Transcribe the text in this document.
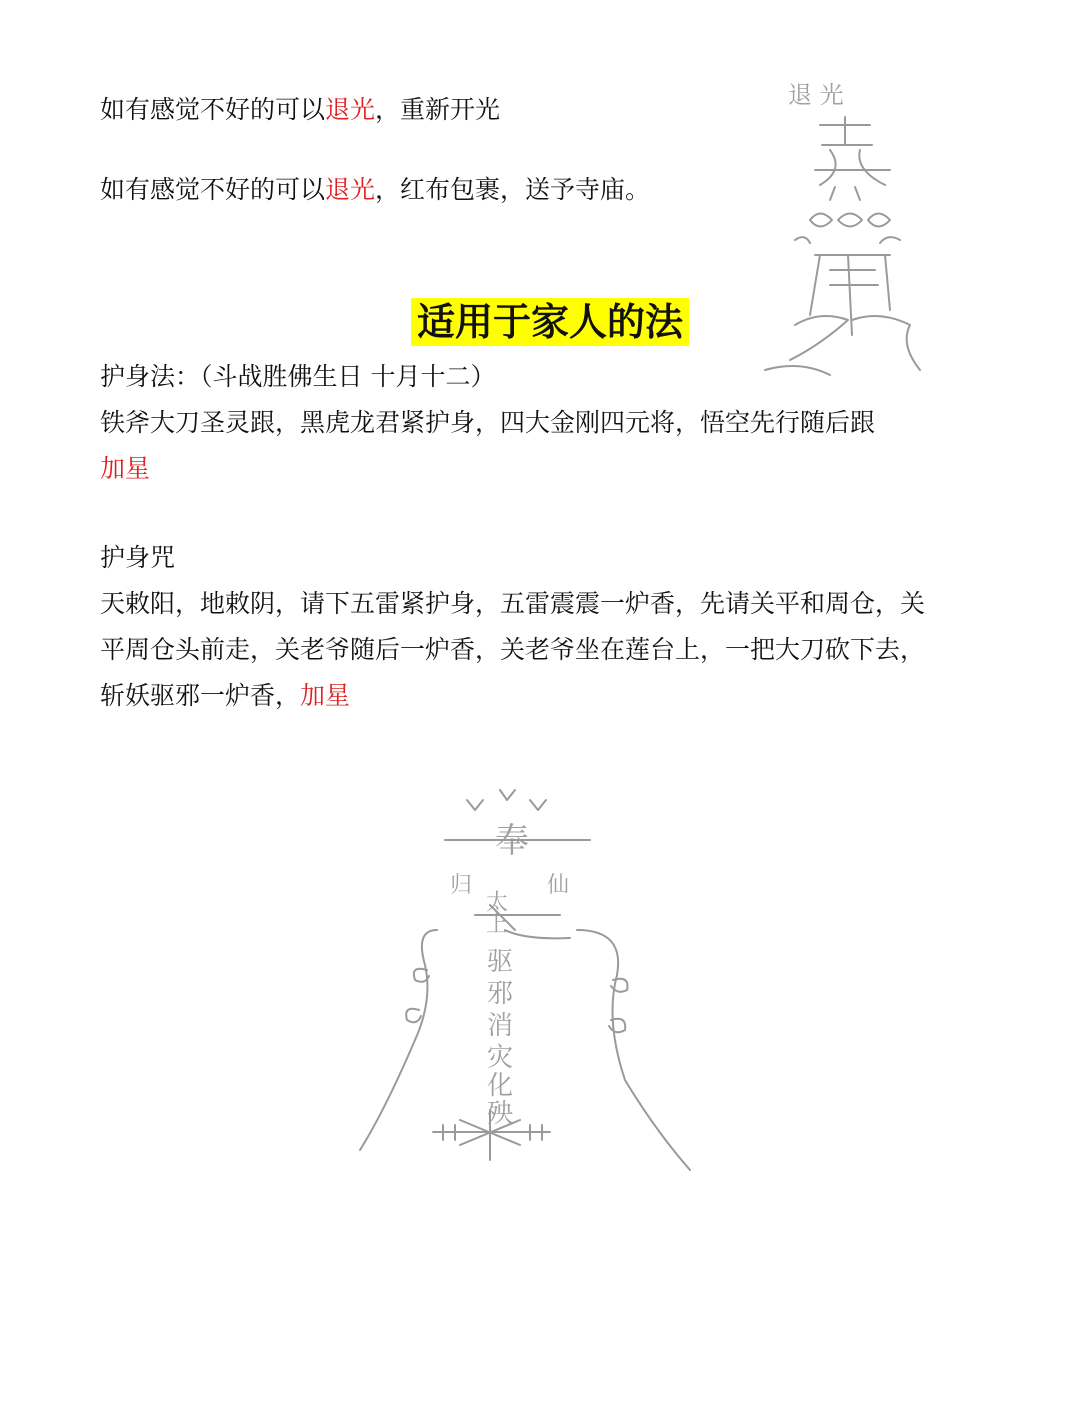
如有感觉不好的可以退光，重新开光
如有感觉不好的可以退光，红布包裹，送予寺庙。
适用于家人的法
护身法：（斗战胜佛生日 十月十二）
铁斧大刀圣灵跟，黑虎龙君紧护身，四大金刚四元将，悟空先行随后跟
加星
护身咒
天敕阳，地敕阴，请下五雷紧护身，五雷震震一炉香，先请关平和周仓，关
平周仓头前走，关老爷随后一炉香，关老爷坐在莲台上，一把大刀砍下去，
斩妖驱邪一炉香，加星
退 光
奉
归	仙
太上
驱
邪
消
灾
化
殃
